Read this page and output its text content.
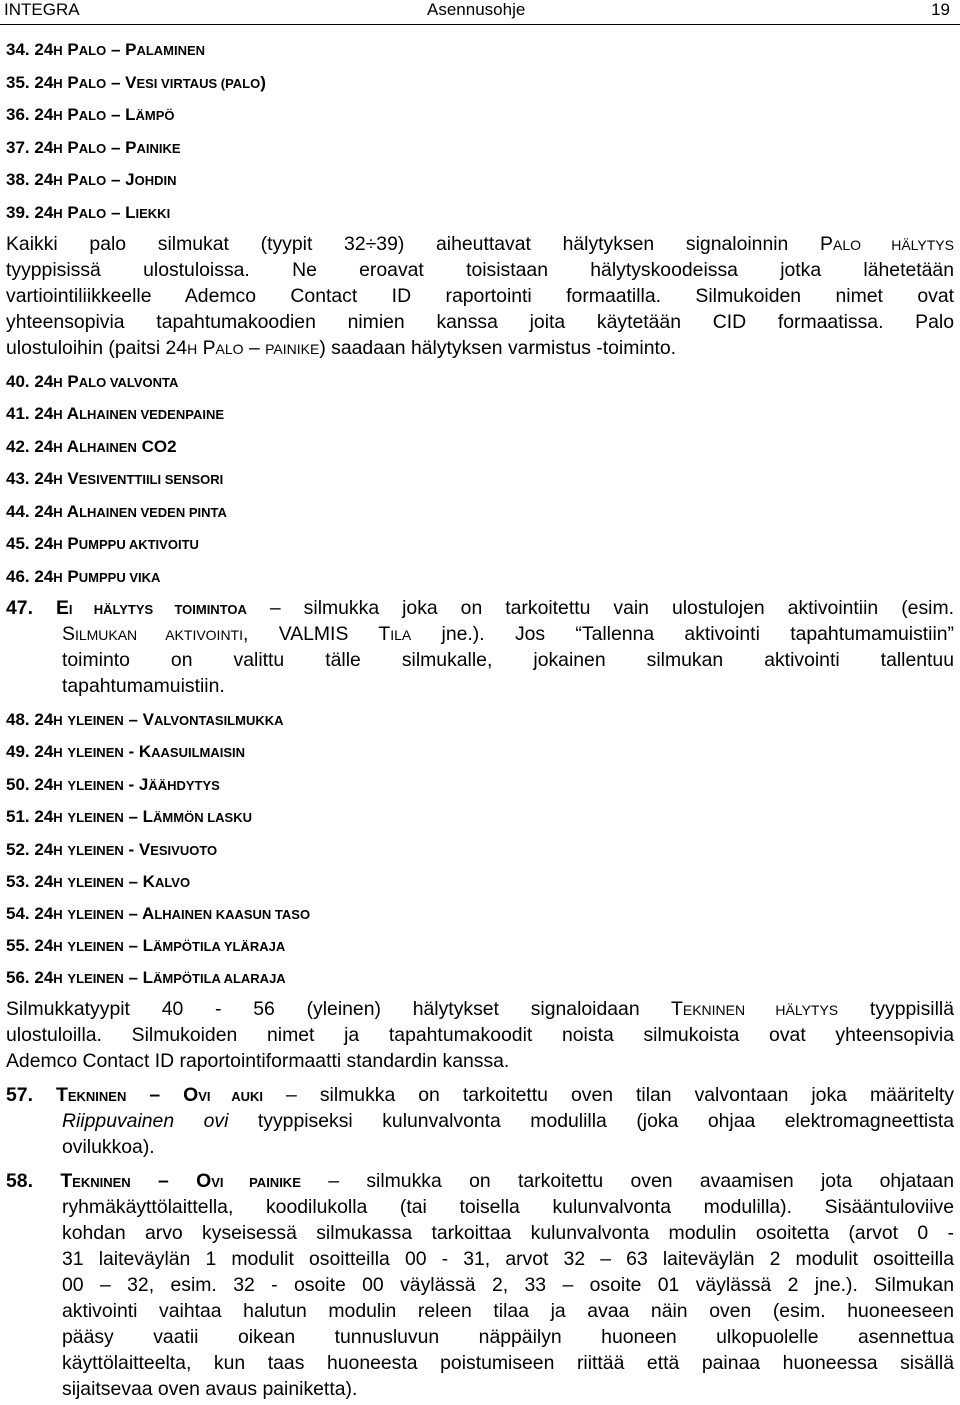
INTEGRA	Asennusohje	19
34. 24H PALO – PALAMINEN
35. 24H PALO – VESI VIRTAUS (PALO)
36. 24H PALO – LÄMPÖ
37. 24H PALO – PAINIKE
38. 24H PALO – JOHDIN
39. 24H PALO – LIEKKI
Kaikki palo silmukat (tyypit 32÷39) aiheuttavat hälytyksen signaloinnin PALO HÄLYTYS
tyyppisissä ulostuloissa. Ne eroavat toisistaan hälytyskoodeissa jotka lähetetään
vartiointiliikkeelle Ademco Contact ID raportointi formaatilla. Silmukoiden nimet ovat
yhteensopivia tapahtumakoodien nimien kanssa joita käytetään CID formaatissa. Palo
ulostuloihin (paitsi 24H PALO – PAINIKE) saadaan hälytyksen varmistus -toiminto.
40. 24H PALO VALVONTA
41. 24H ALHAINEN VEDENPAINE
42. 24H ALHAINEN CO2
43. 24H VESIVENTTIILI SENSORI
44. 24H ALHAINEN VEDEN PINTA
45. 24H PUMPPU AKTIVOITU
46. 24H PUMPPU VIKA
47. EI HÄLYTYS TOIMINTOA – silmukka joka on tarkoitettu vain ulostulojen aktivointiin (esim.
SILMUKAN AKTIVOINTI, VALMIS TILA jne.). Jos “Tallenna aktivointi tapahtumamuistiin”
toiminto on valittu tälle silmukalle, jokainen silmukan aktivointi tallentuu
tapahtumamuistiin.
48. 24H YLEINEN – VALVONTASILMUKKA
49. 24H YLEINEN - KAASUILMAISIN
50. 24H YLEINEN - JÄÄHDYTYS
51. 24H YLEINEN – LÄMMÖN LASKU
52. 24H YLEINEN - VESIVUOTO
53. 24H YLEINEN – KALVO
54. 24H YLEINEN – ALHAINEN KAASUN TASO
55. 24H YLEINEN – LÄMPÖTILA YLÄRAJA
56. 24H YLEINEN – LÄMPÖTILA ALARAJA
Silmukkatyypit 40 - 56 (yleinen) hälytykset signaloidaan TEKNINEN HÄLYTYS tyyppisillä
ulostuloilla. Silmukoiden nimet ja tapahtumakoodit noista silmukoista ovat yhteensopivia
Ademco Contact ID raportointiformaatti standardin kanssa.
57. TEKNINEN – OVI AUKI – silmukka on tarkoitettu oven tilan valvontaan joka määritelty
Riippuvainen ovi tyyppiseksi kulunvalvonta modulilla (joka ohjaa elektromagneettista
ovilukkoa).
58. TEKNINEN – OVI PAINIKE – silmukka on tarkoitettu oven avaamisen jota ohjataan
ryhmäkäyttölaittella, koodilukolla (tai toisella kulunvalvonta modulilla). Sisääntuloviive
kohdan arvo kyseisessä silmukassa tarkoittaa kulunvalvonta modulin osoitetta (arvot 0 -
31 laiteväylän 1 modulit osoitteilla 00 - 31, arvot 32 – 63 laiteväylän 2 modulit osoitteilla
00 – 32, esim. 32 - osoite 00 väylässä 2, 33 – osoite 01 väylässä 2 jne.). Silmukan
aktivointi vaihtaa halutun modulin releen tilaa ja avaa näin oven (esim. huoneeseen
pääsy vaatii oikean tunnusluvun näppäilyn huoneen ulkopuolelle asennettua
käyttölaitteelta, kun taas huoneesta poistumiseen riittää että painaa huoneessa sisällä
sijaitsevaa oven avaus painiketta).
